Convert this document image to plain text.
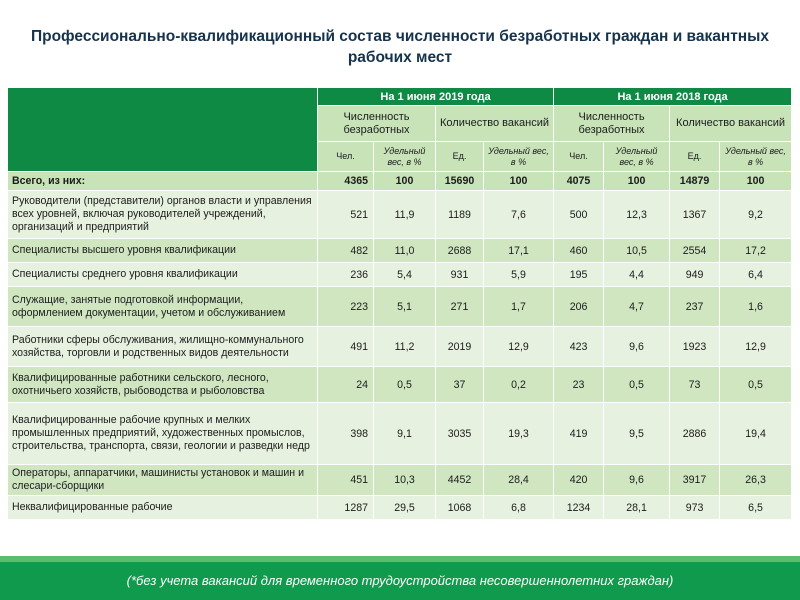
Профессионально-квалификационный состав численности безработных граждан и вакантных рабочих мест
	На 1 июня 2019 года				На 1 июня 2018 года			
	Численность безработных		Количество вакансий		Численность безработных		Количество вакансий	
	Чел.	Удельный вес, в %	Ед.	Удельный вес, в %	Чел.	Удельный вес, в %	Ед.	Удельный вес, в %
Всего, из них:	4365	100	15690	100	4075	100	14879	100
Руководители (представители) органов власти и управления всех уровней, включая руководителей учреждений, организаций и предприятий	521	11,9	1189	7,6	500	12,3	1367	9,2
Специалисты высшего уровня квалификации	482	11,0	2688	17,1	460	10,5	2554	17,2
Специалисты среднего уровня квалификации	236	5,4	931	5,9	195	4,4	949	6,4
Служащие, занятые подготовкой информации, оформлением документации, учетом и обслуживанием	223	5,1	271	1,7	206	4,7	237	1,6
Работники сферы обслуживания, жилищно-коммунального хозяйства, торговли и родственных видов деятельности	491	11,2	2019	12,9	423	9,6	1923	12,9
Квалифицированные работники сельского, лесного, охотничьего хозяйств, рыбоводства и рыболовства	24	0,5	37	0,2	23	0,5	73	0,5
Квалифицированные рабочие крупных и мелких промышленных предприятий, художественных промыслов, строительства, транспорта, связи, геологии и разведки недр	398	9,1	3035	19,3	419	9,5	2886	19,4
Операторы, аппаратчики, машинисты установок и машин и слесари-сборщики	451	10,3	4452	28,4	420	9,6	3917	26,3
Неквалифицированные рабочие	1287	29,5	1068	6,8	1234	28,1	973	6,5
(*без учета вакансий для временного трудоустройства несовершеннолетних граждан)
